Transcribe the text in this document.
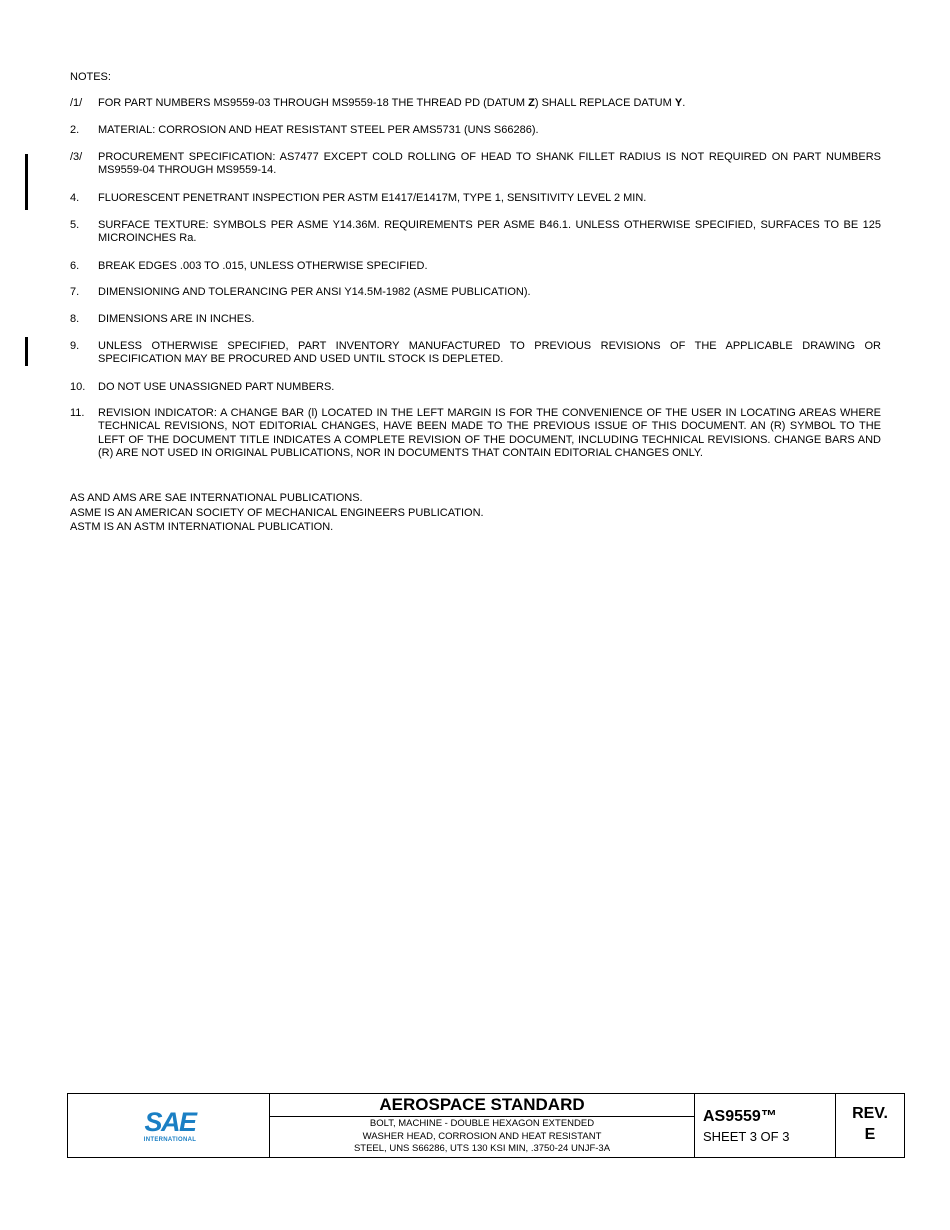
NOTES:
/1/	FOR PART NUMBERS MS9559-03 THROUGH MS9559-18 THE THREAD PD (DATUM Z) SHALL REPLACE DATUM Y.
2.	MATERIAL: CORROSION AND HEAT RESISTANT STEEL PER AMS5731 (UNS S66286).
/3/	PROCUREMENT SPECIFICATION: AS7477 EXCEPT COLD ROLLING OF HEAD TO SHANK FILLET RADIUS IS NOT REQUIRED ON PART NUMBERS MS9559-04 THROUGH MS9559-14.
4.	FLUORESCENT PENETRANT INSPECTION PER ASTM E1417/E1417M, TYPE 1, SENSITIVITY LEVEL 2 MIN.
5.	SURFACE TEXTURE: SYMBOLS PER ASME Y14.36M. REQUIREMENTS PER ASME B46.1. UNLESS OTHERWISE SPECIFIED, SURFACES TO BE 125 MICROINCHES Ra.
6.	BREAK EDGES .003 TO .015, UNLESS OTHERWISE SPECIFIED.
7.	DIMENSIONING AND TOLERANCING PER ANSI Y14.5M-1982 (ASME PUBLICATION).
8.	DIMENSIONS ARE IN INCHES.
9.	UNLESS OTHERWISE SPECIFIED, PART INVENTORY MANUFACTURED TO PREVIOUS REVISIONS OF THE APPLICABLE DRAWING OR SPECIFICATION MAY BE PROCURED AND USED UNTIL STOCK IS DEPLETED.
10.	DO NOT USE UNASSIGNED PART NUMBERS.
11.	REVISION INDICATOR: A CHANGE BAR (l) LOCATED IN THE LEFT MARGIN IS FOR THE CONVENIENCE OF THE USER IN LOCATING AREAS WHERE TECHNICAL REVISIONS, NOT EDITORIAL CHANGES, HAVE BEEN MADE TO THE PREVIOUS ISSUE OF THIS DOCUMENT. AN (R) SYMBOL TO THE LEFT OF THE DOCUMENT TITLE INDICATES A COMPLETE REVISION OF THE DOCUMENT, INCLUDING TECHNICAL REVISIONS. CHANGE BARS AND (R) ARE NOT USED IN ORIGINAL PUBLICATIONS, NOR IN DOCUMENTS THAT CONTAIN EDITORIAL CHANGES ONLY.
AS AND AMS ARE SAE INTERNATIONAL PUBLICATIONS.
ASME IS AN AMERICAN SOCIETY OF MECHANICAL ENGINEERS PUBLICATION.
ASTM IS AN ASTM INTERNATIONAL PUBLICATION.
SAE
INTERNATIONAL
AEROSPACE STANDARD
BOLT, MACHINE - DOUBLE HEXAGON EXTENDED
WASHER HEAD, CORROSION AND HEAT RESISTANT
STEEL, UNS S66286, UTS 130 KSI MIN, .3750-24 UNJF-3A
AS9559™
SHEET 3 OF 3
REV.
E
